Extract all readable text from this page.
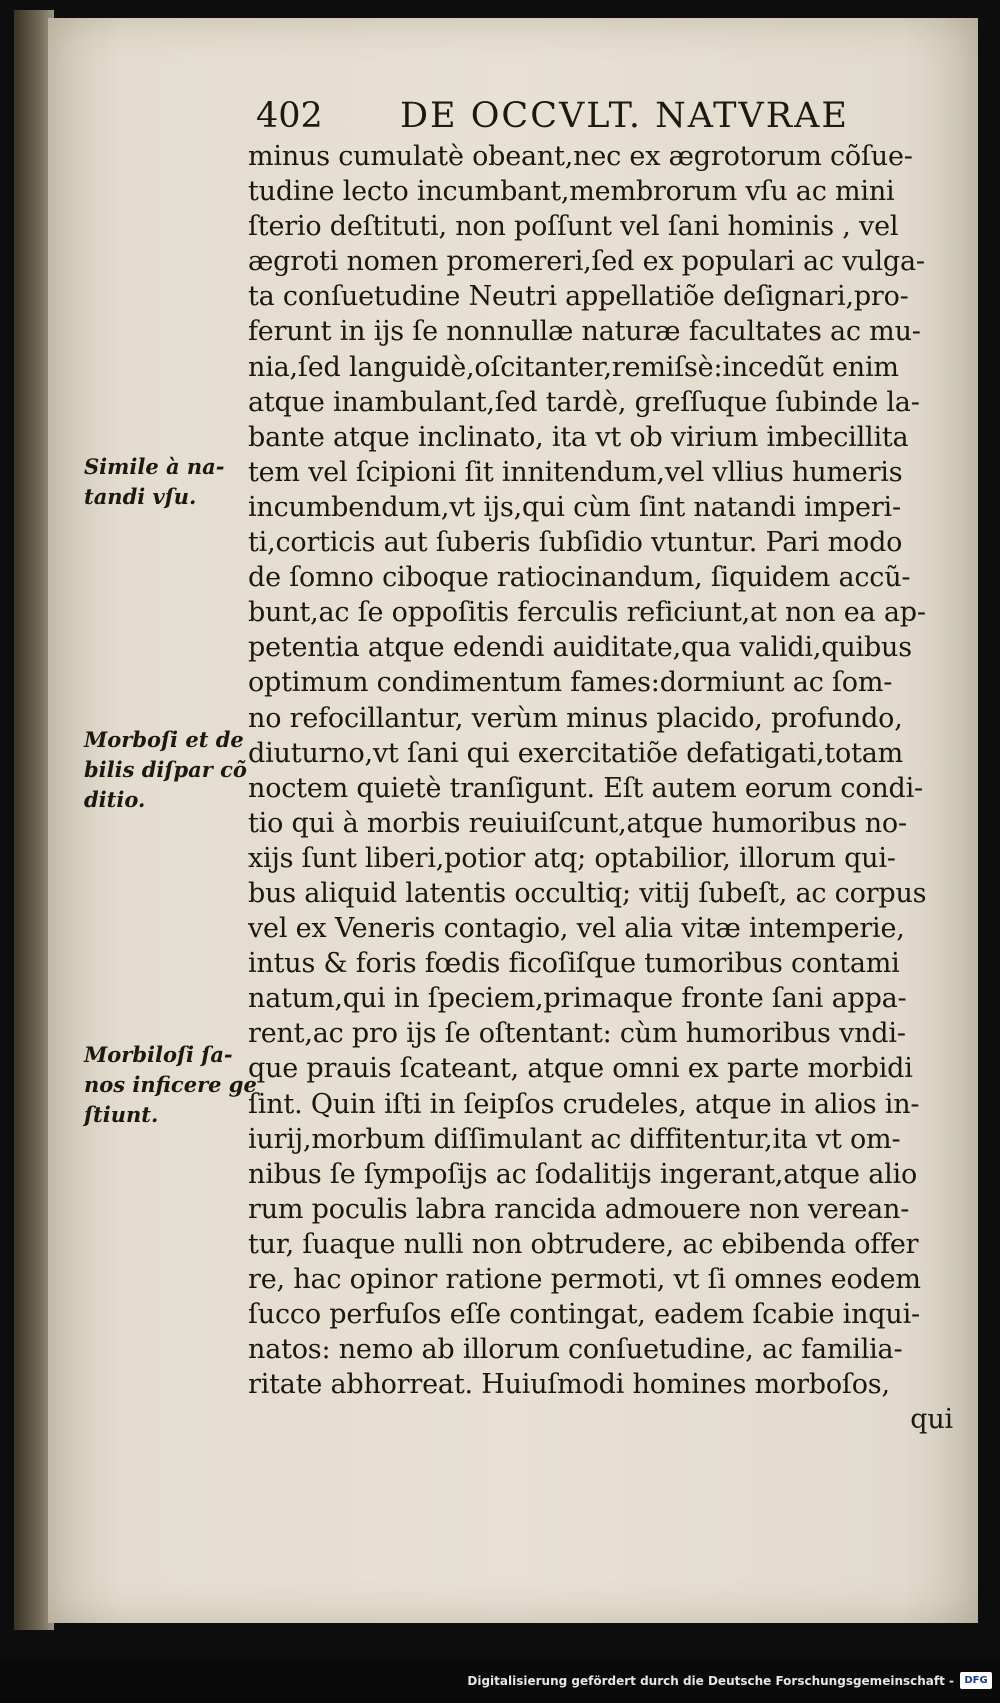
402 DE OCCVLT. NATVRAE
minus cumulatè obeant,nec ex ægrotorum cõſue-
tudine lecto incumbant,membrorum vſu ac mini
ſterio deſtituti, non poſſunt vel ſani hominis , vel
ægroti nomen promereri,ſed ex populari ac vulga-
ta conſuetudine Neutri appellatiõe deſignari,pro-
ferunt in ijs ſe nonnullæ naturæ facultates ac mu-
nia,ſed languidè,oſcitanter,remiſsè:incedũt enim
atque inambulant,ſed tardè, greſſuque ſubinde la-
bante atque inclinato, ita vt ob virium imbecillita
tem vel ſcipioni ſit innitendum,vel vllius humeris
incumbendum,vt ijs,qui cùm ſint natandi imperi-
ti,corticis aut ſuberis ſubſidio vtuntur. Pari modo
de ſomno ciboque ratiocinandum, ſiquidem accũ-
bunt,ac ſe oppoſitis ferculis reficiunt,at non ea ap-
petentia atque edendi auiditate,qua validi,quibus
optimum condimentum fames:dormiunt ac ſom-
no refocillantur, verùm minus placido, profundo,
diuturno,vt ſani qui exercitatiõe defatigati,totam
noctem quietè tranſigunt. Eſt autem eorum condi-
tio qui à morbis reuiuiſcunt,atque humoribus no-
xijs ſunt liberi,potior atq; optabilior, illorum qui-
bus aliquid latentis occultiq; vitij ſubeſt, ac corpus
vel ex Veneris contagio, vel alia vitæ intemperie,
intus & foris fœdis ficoſiſque tumoribus contami
natum,qui in ſpeciem,primaque fronte ſani appa-
rent,ac pro ijs ſe oſtentant: cùm humoribus vndi-
que prauis ſcateant, atque omni ex parte morbidi
ſint. Quin iſti in ſeipſos crudeles, atque in alios in-
iurij,morbum diſſimulant ac diffitentur,ita vt om-
nibus ſe ſympoſijs ac ſodalitijs ingerant,atque alio
rum poculis labra rancida admouere non verean-
tur, ſuaque nulli non obtrudere, ac ebibenda offer
re, hac opinor ratione permoti, vt ſi omnes eodem
ſucco perfuſos eſſe contingat, eadem ſcabie inqui-
natos: nemo ab illorum conſuetudine, ac familia-
ritate abhorreat. Huiuſmodi homines morboſos,
qui
Simile à na-
tandi vſu.
Morboſi et de
bilis diſpar cõ
ditio.
Morbiloſi ſa-
nos inficere ge
ſtiunt.
Digitalisierung gefördert durch die Deutsche Forschungsgemeinschaft -	DFG
